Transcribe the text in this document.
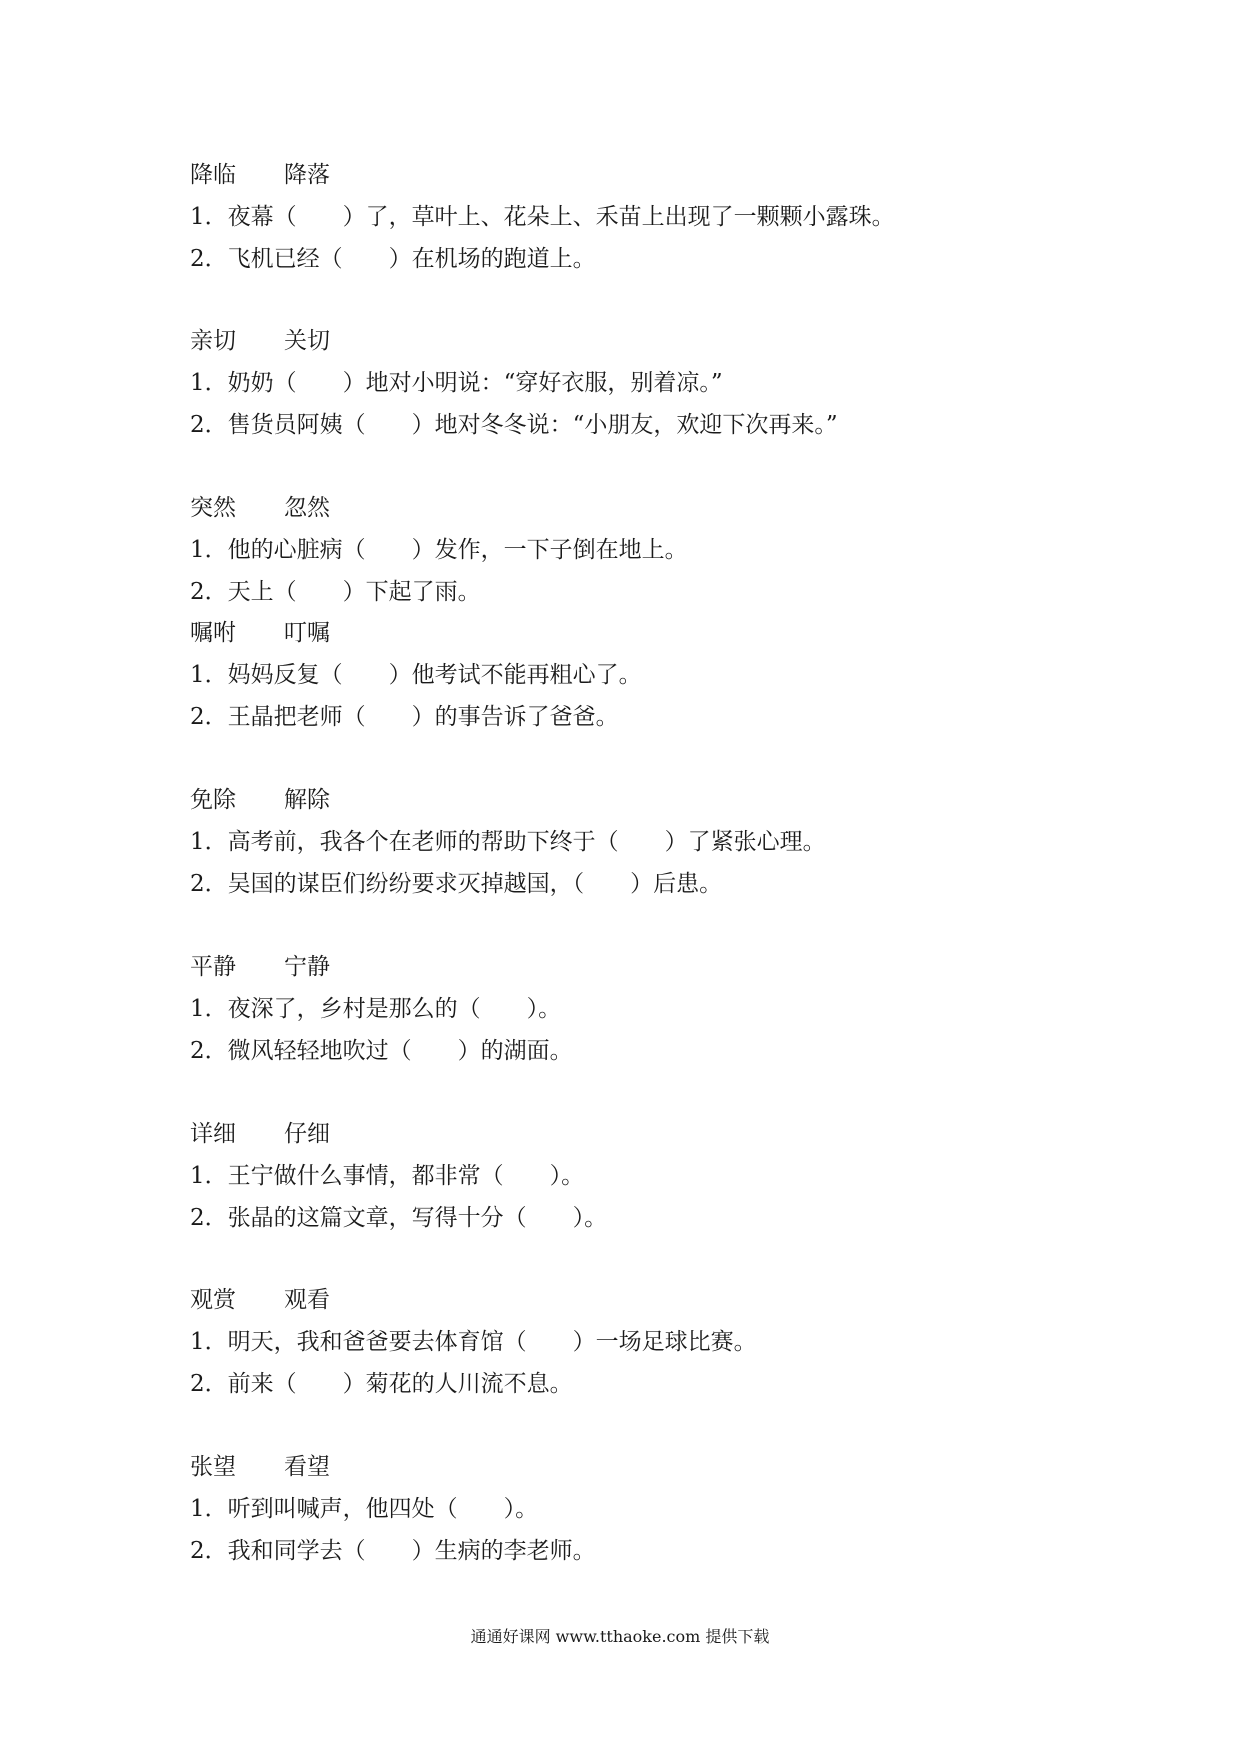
降临 降落
1．夜幕（　　）了，草叶上、花朵上、禾苗上出现了一颗颗小露珠。
2．飞机已经（　　）在机场的跑道上。
亲切 关切
1．奶奶（　　）地对小明说：“穿好衣服，别着凉。”
2．售货员阿姨（　　）地对冬冬说：“小朋友，欢迎下次再来。”
突然 忽然
1．他的心脏病（　　）发作，一下子倒在地上。
2．天上（　　）下起了雨。
嘱咐 叮嘱
1．妈妈反复（　　）他考试不能再粗心了。
2．王晶把老师（　　）的事告诉了爸爸。
免除 解除
1．高考前，我各个在老师的帮助下终于（　　）了紧张心理。
2．吴国的谋臣们纷纷要求灭掉越国，（　　）后患。
平静 宁静
1．夜深了，乡村是那么的（　　）。
2．微风轻轻地吹过（　　）的湖面。
详细 仔细
1．王宁做什么事情，都非常（　　）。
2．张晶的这篇文章，写得十分（　　）。
观赏 观看
1．明天，我和爸爸要去体育馆（　　）一场足球比赛。
2．前来（　　）菊花的人川流不息。
张望 看望
1．听到叫喊声，他四处（　　）。
2．我和同学去（　　）生病的李老师。
通通好课网 www.tthaoke.com 提供下载
